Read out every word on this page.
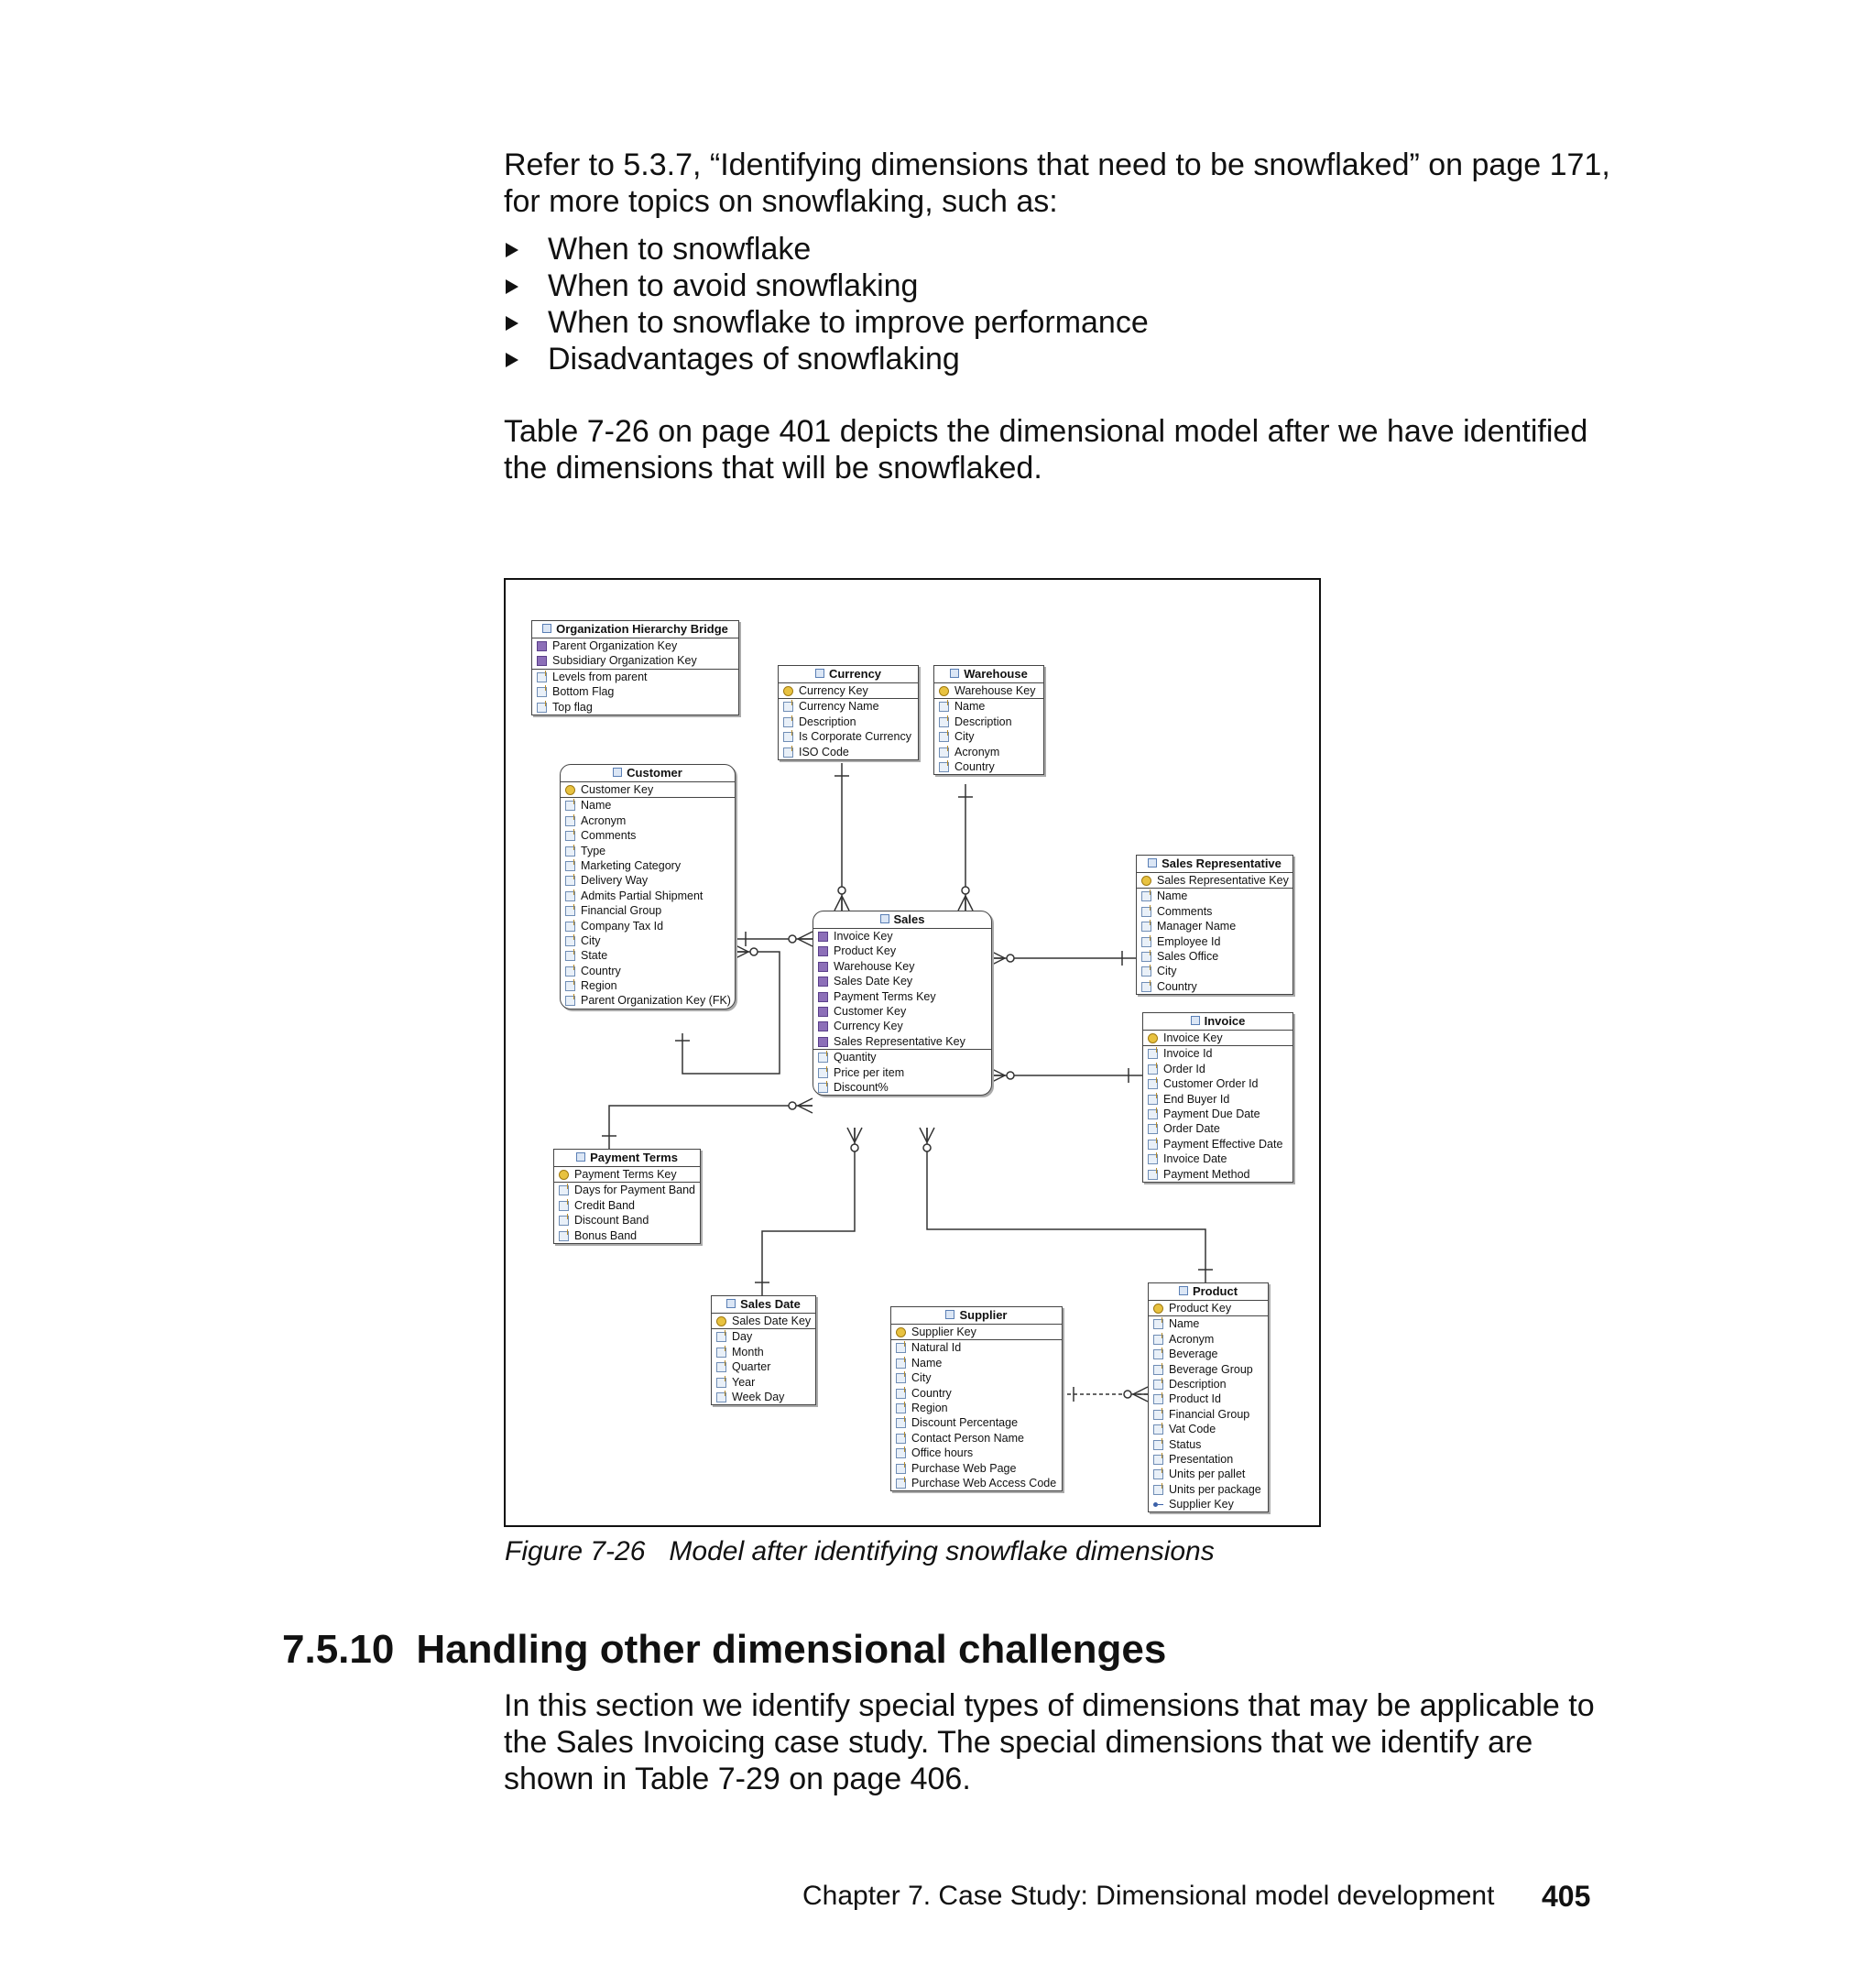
Refer to 5.3.7, “Identifying dimensions that need to be snowflaked” on page 171, for more topics on snowflaking, such as:

When to snowflake
When to avoid snowflaking
When to snowflake to improve performance
Disadvantages of snowflaking

Table 7-26 on page 401 depicts the dimensional model after we have identified the dimensions that will be snowflaked.

Organization Hierarchy Bridge
Parent Organization Key
Subsidiary Organization Key
Levels from parent
Bottom Flag
Top flag
Currency
Currency Key
Currency Name
Description
Is Corporate Currency
ISO Code
Warehouse
Warehouse Key
Name
Description
City
Acronym
Country
Customer
Customer Key
Name
Acronym
Comments
Type
Marketing Category
Delivery Way
Admits Partial Shipment
Financial Group
Company Tax Id
City
State
Country
Region
Parent Organization Key (FK)
Sales Representative
Sales Representative Key
Name
Comments
Manager Name
Employee Id
Sales Office
City
Country
Sales
Invoice Key
Product Key
Warehouse Key
Sales Date Key
Payment Terms Key
Customer Key
Currency Key
Sales Representative Key
Quantity
Price per item
Discount%
Invoice
Invoice Key
Invoice Id
Order Id
Customer Order Id
End Buyer Id
Payment Due Date
Order Date
Payment Effective Date
Invoice Date
Payment Method
Payment Terms
Payment Terms Key
Days for Payment Band
Credit Band
Discount Band
Bonus Band
Sales Date
Sales Date Key
Day
Month
Quarter
Year
Week Day
Supplier
Supplier Key
Natural Id
Name
City
Country
Region
Discount Percentage
Contact Person Name
Office hours
Purchase Web Page
Purchase Web Access Code
Product
Product Key
Name
Acronym
Beverage
Beverage Group
Description
Product Id
Financial Group
Vat Code
Status
Presentation
Units per pallet
Units per package
Supplier Key

Figure 7-26 Model after identifying snowflake dimensions

7.5.10 Handling other dimensional challenges

In this section we identify special types of dimensions that may be applicable to the Sales Invoicing case study. The special dimensions that we identify are shown in Table 7-29 on page 406.

Chapter 7. Case Study: Dimensional model development 405
